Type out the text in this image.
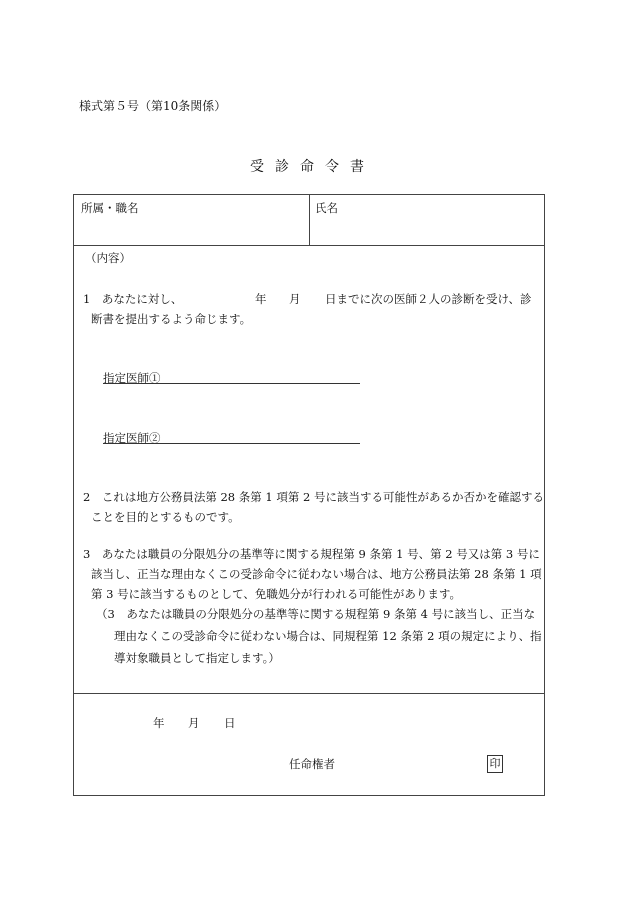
様式第５号（第10条関係）
受診命令書
所属・職名	氏名
（内容）
1　あなたに対し、	年 月 日までに次の医師２人の診断を受け、診
断書を提出するよう命じます。
指定医師①
指定医師②
2　これは地方公務員法第 28 条第 1 項第 2 号に該当する可能性があるか否かを確認する
ことを目的とするものです。
3　あなたは職員の分限処分の基準等に関する規程第 9 条第 1 号、第 2 号又は第 3 号に
該当し、正当な理由なくこの受診命令に従わない場合は、地方公務員法第 28 条第 1 項
第 3 号に該当するものとして、免職処分が行われる可能性があります。
（3　あなたは職員の分限処分の基準等に関する規程第 9 条第 4 号に該当し、正当な
理由なくこの受診命令に従わない場合は、同規程第 12 条第 2 項の規定により、指
導対象職員として指定します。）
年 月 日
任命権者	印
